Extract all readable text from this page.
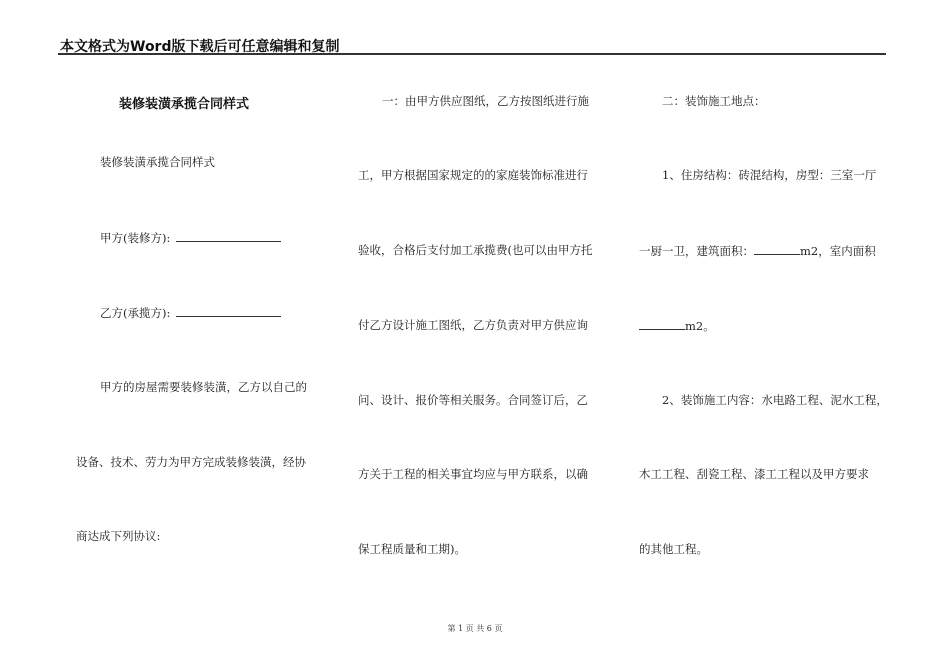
本文格式为Word版下载后可任意编辑和复制
装修装潢承揽合同样式
装修装潢承揽合同样式
甲方(装修方):
乙方(承揽方):
甲方的房屋需要装修装潢，乙方以自己的
设备、技术、劳力为甲方完成装修装潢，经协
商达成下列协议:
一：由甲方供应图纸，乙方按图纸进行施
工，甲方根据国家规定的的家庭装饰标准进行
验收，合格后支付加工承揽费(也可以由甲方托
付乙方设计施工图纸，乙方负责对甲方供应询
问、设计、报价等相关服务。合同签订后，乙
方关于工程的相关事宜均应与甲方联系，以确
保工程质量和工期)。
二：装饰施工地点：
1、住房结构：砖混结构，房型：三室一厅
一厨一卫，建筑面积：	m2，室内面积
m2。
2、装饰施工内容：水电路工程、泥水工程，
木工工程、刮瓷工程、漆工工程以及甲方要求
的其他工程。
第 1 页 共 6 页
